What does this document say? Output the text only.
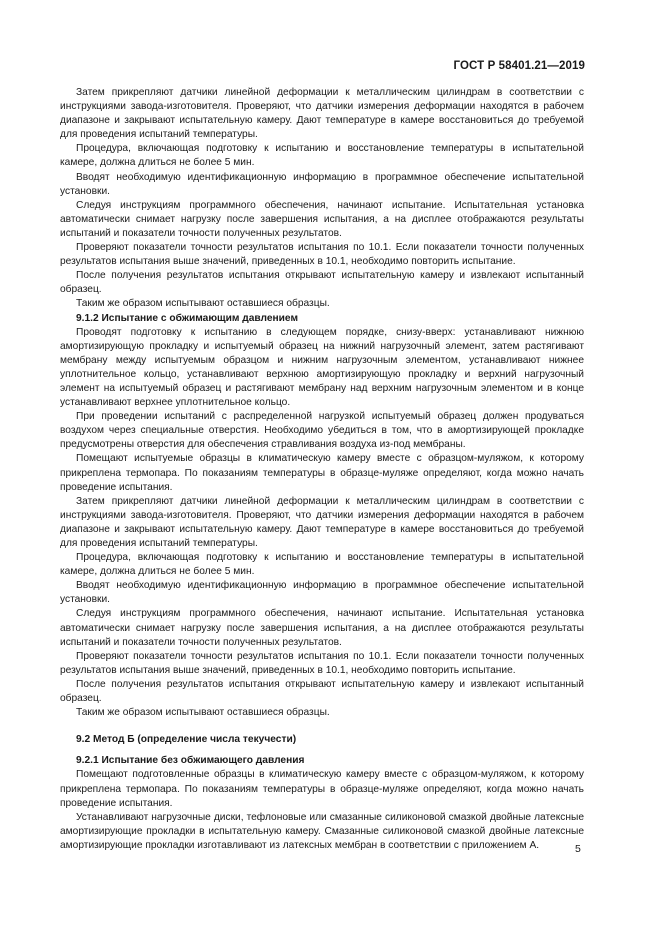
ГОСТ Р 58401.21—2019

Затем прикрепляют датчики линейной деформации к металлическим цилиндрам в соответствии с инструкциями завода-изготовителя. Проверяют, что датчики измерения деформации находятся в рабочем диапазоне и закрывают испытательную камеру. Дают температуре в камере восстановиться до требуемой для проведения испытаний температуры.

Процедура, включающая подготовку к испытанию и восстановление температуры в испытательной камере, должна длиться не более 5 мин.

Вводят необходимую идентификационную информацию в программное обеспечение испытательной установки.

Следуя инструкциям программного обеспечения, начинают испытание. Испытательная установка автоматически снимает нагрузку после завершения испытания, а на дисплее отображаются результаты испытаний и показатели точности полученных результатов.

Проверяют показатели точности результатов испытания по 10.1. Если показатели точности полученных результатов испытания выше значений, приведенных в 10.1, необходимо повторить испытание.

После получения результатов испытания открывают испытательную камеру и извлекают испытанный образец.

Таким же образом испытывают оставшиеся образцы.

9.1.2 Испытание с обжимающим давлением

Проводят подготовку к испытанию в следующем порядке, снизу-вверх: устанавливают нижнюю амортизирующую прокладку и испытуемый образец на нижний нагрузочный элемент, затем растягивают мембрану между испытуемым образцом и нижним нагрузочным элементом, устанавливают нижнее уплотнительное кольцо, устанавливают верхнюю амортизирующую прокладку и верхний нагрузочный элемент на испытуемый образец и растягивают мембрану над верхним нагрузочным элементом и в конце устанавливают верхнее уплотнительное кольцо.

При проведении испытаний с распределенной нагрузкой испытуемый образец должен продуваться воздухом через специальные отверстия. Необходимо убедиться в том, что в амортизирующей прокладке предусмотрены отверстия для обеспечения стравливания воздуха из-под мембраны.

Помещают испытуемые образцы в климатическую камеру вместе с образцом-муляжом, к которому прикреплена термопара. По показаниям температуры в образце-муляже определяют, когда можно начать проведение испытания.

Затем прикрепляют датчики линейной деформации к металлическим цилиндрам в соответствии с инструкциями завода-изготовителя. Проверяют, что датчики измерения деформации находятся в рабочем диапазоне и закрывают испытательную камеру. Дают температуре в камере восстановиться до требуемой для проведения испытаний температуры.

Процедура, включающая подготовку к испытанию и восстановление температуры в испытательной камере, должна длиться не более 5 мин.

Вводят необходимую идентификационную информацию в программное обеспечение испытательной установки.

Следуя инструкциям программного обеспечения, начинают испытание. Испытательная установка автоматически снимает нагрузку после завершения испытания, а на дисплее отображаются результаты испытаний и показатели точности полученных результатов.

Проверяют показатели точности результатов испытания по 10.1. Если показатели точности полученных результатов испытания выше значений, приведенных в 10.1, необходимо повторить испытание.

После получения результатов испытания открывают испытательную камеру и извлекают испытанный образец.

Таким же образом испытывают оставшиеся образцы.

9.2 Метод Б (определение числа текучести)

9.2.1 Испытание без обжимающего давления

Помещают подготовленные образцы в климатическую камеру вместе с образцом-муляжом, к которому прикреплена термопара. По показаниям температуры в образце-муляже определяют, когда можно начать проведение испытания.

Устанавливают нагрузочные диски, тефлоновые или смазанные силиконовой смазкой двойные латексные амортизирующие прокладки в испытательную камеру. Смазанные силиконовой смазкой двойные латексные амортизирующие прокладки изготавливают из латексных мембран в соответствии с приложением А.	5
